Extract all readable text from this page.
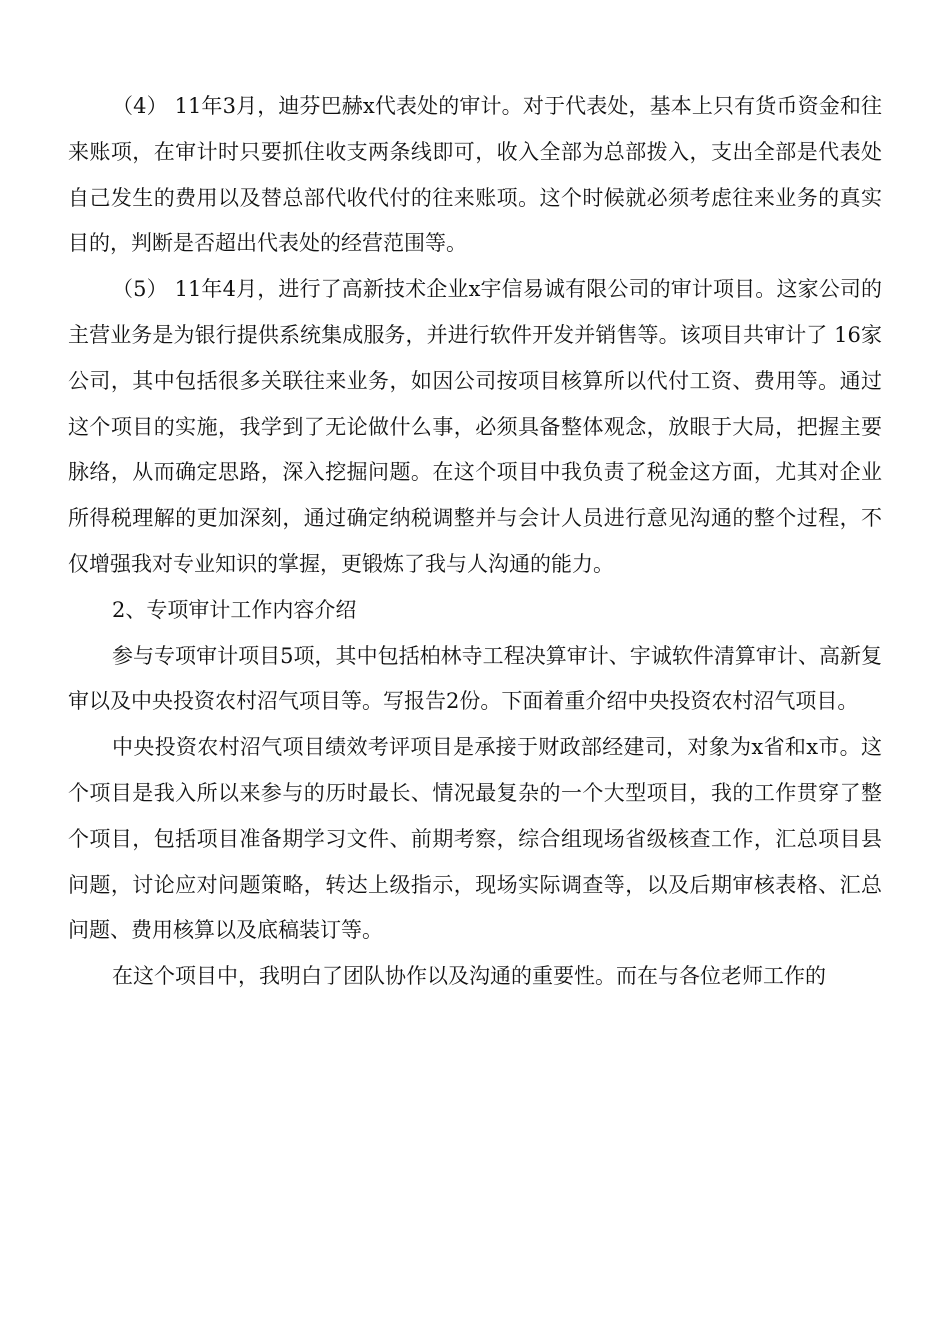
（4） 11年3月，迪芬巴赫x代表处的审计。对于代表处，基本上只有货币资金和往来账项，在审计时只要抓住收支两条线即可，收入全部为总部拨入，支出全部是代表处自己发生的费用以及替总部代收代付的往来账项。这个时候就必须考虑往来业务的真实目的，判断是否超出代表处的经营范围等。

（5） 11年4月，进行了高新技术企业x宇信易诚有限公司的审计项目。这家公司的主营业务是为银行提供系统集成服务，并进行软件开发并销售等。该项目共审计了 16家公司，其中包括很多关联往来业务，如因公司按项目核算所以代付工资、费用等。通过这个项目的实施，我学到了无论做什么事，必须具备整体观念，放眼于大局，把握主要脉络，从而确定思路，深入挖掘问题。在这个项目中我负责了税金这方面，尤其对企业所得税理解的更加深刻，通过确定纳税调整并与会计人员进行意见沟通的整个过程，不仅增强我对专业知识的掌握，更锻炼了我与人沟通的能力。

2、专项审计工作内容介绍

参与专项审计项目5项，其中包括柏林寺工程决算审计、宇诚软件清算审计、高新复审以及中央投资农村沼气项目等。写报告2份。下面着重介绍中央投资农村沼气项目。

中央投资农村沼气项目绩效考评项目是承接于财政部经建司，对象为x省和x市。这个项目是我入所以来参与的历时最长、情况最复杂的一个大型项目，我的工作贯穿了整个项目，包括项目准备期学习文件、前期考察，综合组现场省级核查工作，汇总项目县问题，讨论应对问题策略，转达上级指示，现场实际调查等，以及后期审核表格、汇总问题、费用核算以及底稿装订等。

在这个项目中，我明白了团队协作以及沟通的重要性。而在与各位老师工作的
